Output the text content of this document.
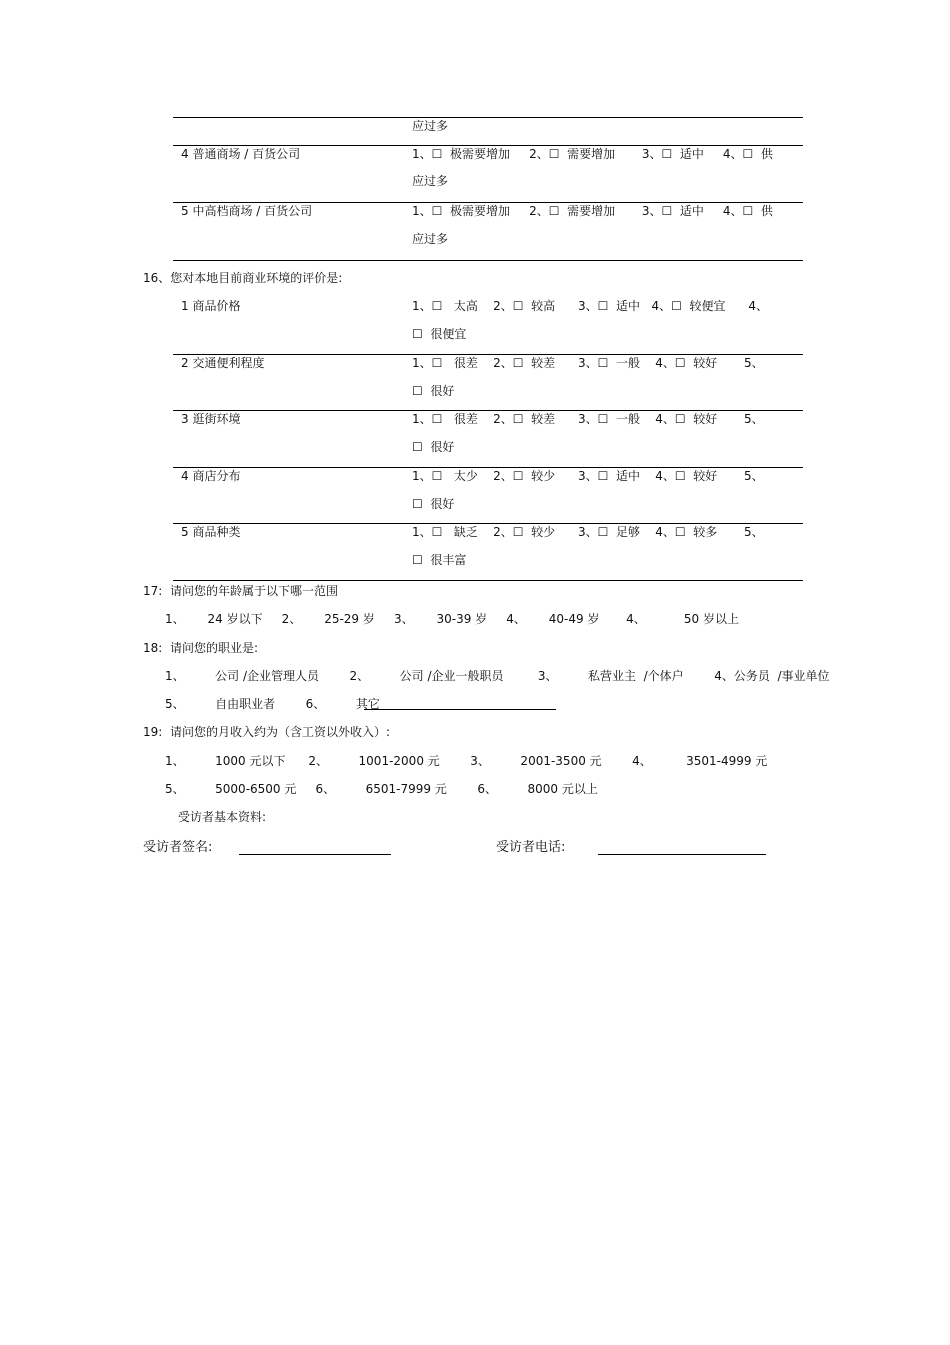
应过多
4 普通商场 / 百货公司	1、☐  极需要增加     2、☐  需要增加       3、☐  适中     4、☐  供
应过多
5 中高档商场 / 百货公司	1、☐  极需要增加     2、☐  需要增加       3、☐  适中     4、☐  供
应过多
16、您对本地目前商业环境的评价是:
1 商品价格	1、☐   太高    2、☐  较高      3、☐  适中   4、☐  较便宜      4、
☐  很便宜
2 交通便利程度	1、☐   很差    2、☐  较差      3、☐  一般    4、☐  较好       5、
☐  很好
3 逛街环境	1、☐   很差    2、☐  较差      3、☐  一般    4、☐  较好       5、
☐  很好
4 商店分布	1、☐   太少    2、☐  较少      3、☐  适中    4、☐  较好       5、
☐  很好
5 商品种类	1、☐   缺乏    2、☐  较少      3、☐  足够    4、☐  较多       5、
☐  很丰富
17:  请问您的年龄属于以下哪一范围
1、      24 岁以下     2、      25-29 岁     3、      30-39 岁     4、      40-49 岁       4、          50 岁以上
18:  请问您的职业是:
1、        公司 /企业管理人员        2、        公司 /企业一般职员         3、        私营业主  /个体户        4、公务员  /事业单位
5、        自由职业者        6、        其它
19:  请问您的月收入约为（含工资以外收入）:
1、        1000 元以下      2、        1001-2000 元        3、        2001-3500 元        4、         3501-4999 元
5、        5000-6500 元     6、        6501-7999 元        6、        8000 元以上
受访者基本资料:
受访者签名:	受访者电话:
